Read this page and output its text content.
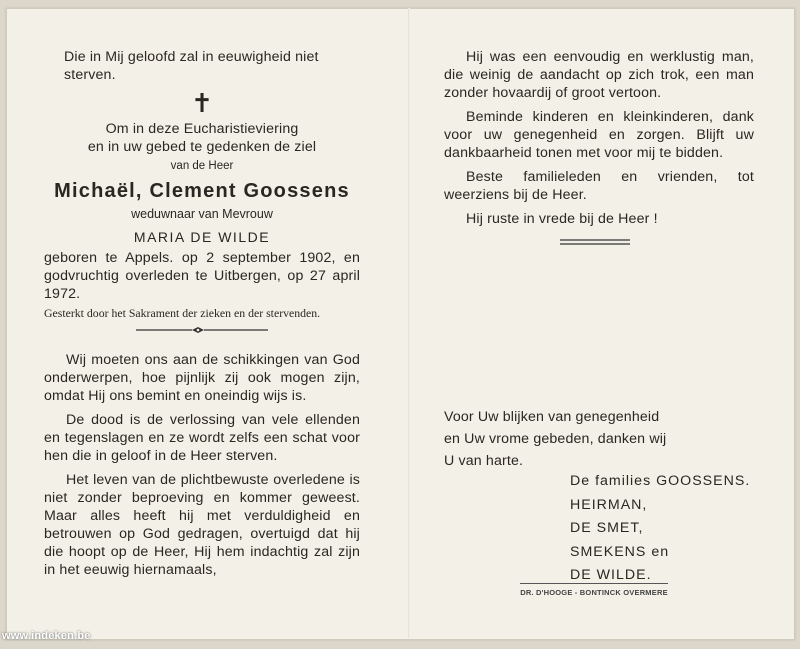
Die in Mij geloofd zal in eeuwigheid niet

sterven.

✝

Om in deze Eucharistieviering

en in uw gebed te gedenken de ziel

van de Heer

Michaël, Clement Goossens

weduwnaar van Mevrouw

MARIA DE WILDE

geboren te Appels. op 2 september 1902, en godvruchtig overleden te Uitbergen, op 27 april 1972.

Gesterkt door het Sakrament der zieken en der stervenden.

Wij moeten ons aan de schikkingen van God onderwerpen, hoe pijnlijk zij ook mogen zijn, omdat Hij ons bemint en oneindig wijs is.

De dood is de verlossing van vele ellenden en tegenslagen en ze wordt zelfs een schat voor hen die in geloof in de Heer sterven.

Het leven van de plichtbewuste overledene is niet zonder beproeving en kommer geweest. Maar alles heeft hij met verduldigheid en betrouwen op God gedragen, overtuigd dat hij die hoopt op de Heer, Hij hem indachtig zal zijn in het eeuwig hiernamaals,

Hij was een eenvoudig en werklustig man, die weinig de aandacht op zich trok, een man zonder hovaardij of groot vertoon.

Beminde kinderen en kleinkinderen, dank voor uw genegenheid en zorgen. Blijft uw dankbaarheid tonen met voor mij te bidden.

Beste familieleden en vrienden, tot weerziens bij de Heer.

Hij ruste in vrede bij de Heer !

Voor Uw blijken van genegenheid

en Uw vrome gebeden, danken wij

U van harte.

De families GOOSSENS.

HEIRMAN,

DE SMET,

SMEKENS en

DE WILDE.

DR. D'HOOGE - BONTINCK OVERMERE
www.indeken.be
